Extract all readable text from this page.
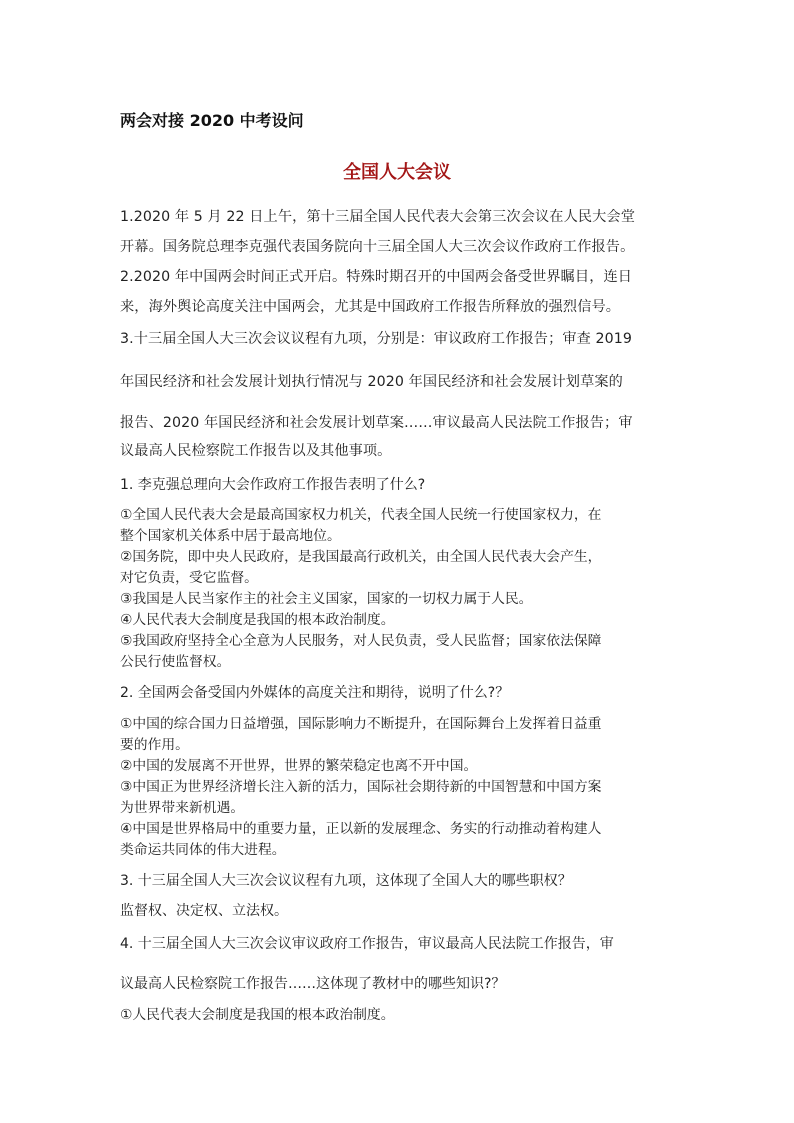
两会对接 2020 中考设问
全国人大会议
1.2020 年 5 月 22 日上午，第十三届全国人民代表大会第三次会议在人民大会堂
开幕。国务院总理李克强代表国务院向十三届全国人大三次会议作政府工作报告。
2.2020 年中国两会时间正式开启。特殊时期召开的中国两会备受世界瞩目，连日
来，海外舆论高度关注中国两会，尤其是中国政府工作报告所释放的强烈信号。
3.十三届全国人大三次会议议程有九项，分别是：审议政府工作报告；审查 2019
年国民经济和社会发展计划执行情况与 2020 年国民经济和社会发展计划草案的
报告、2020 年国民经济和社会发展计划草案……审议最高人民法院工作报告；审
议最高人民检察院工作报告以及其他事项。
1. 李克强总理向大会作政府工作报告表明了什么?
①全国人民代表大会是最高国家权力机关，代表全国人民统一行使国家权力，在
整个国家机关体系中居于最高地位。
②国务院，即中央人民政府，是我国最高行政机关，由全国人民代表大会产生，
对它负责，受它监督。
③我国是人民当家作主的社会主义国家，国家的一切权力属于人民。
④人民代表大会制度是我国的根本政治制度。
⑤我国政府坚持全心全意为人民服务，对人民负责，受人民监督；国家依法保障
公民行使监督权。
2. 全国两会备受国内外媒体的高度关注和期待，说明了什么?？
①中国的综合国力日益增强，国际影响力不断提升，在国际舞台上发挥着日益重
要的作用。
②中国的发展离不开世界，世界的繁荣稳定也离不开中国。
③中国正为世界经济增长注入新的活力，国际社会期待新的中国智慧和中国方案
为世界带来新机遇。
④中国是世界格局中的重要力量，正以新的发展理念、务实的行动推动着构建人
类命运共同体的伟大进程。
3. 十三届全国人大三次会议议程有九项，这体现了全国人大的哪些职权？
监督权、决定权、立法权。
4. 十三届全国人大三次会议审议政府工作报告，审议最高人民法院工作报告，审
议最高人民检察院工作报告……这体现了教材中的哪些知识?？
①人民代表大会制度是我国的根本政治制度。
